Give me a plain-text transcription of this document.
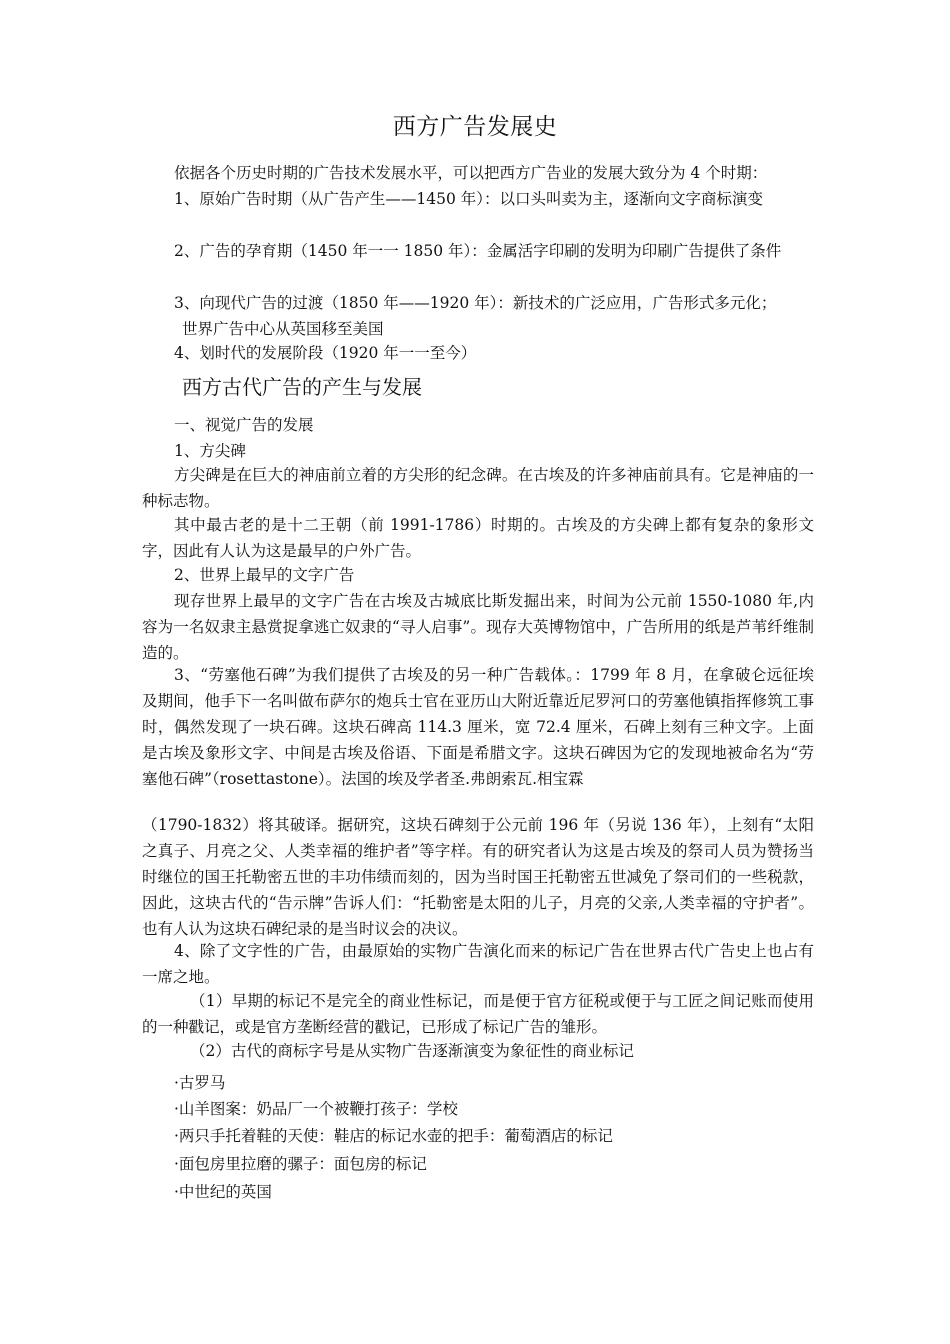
西方广告发展史
依据各个历史时期的广告技术发展水平，可以把西方广告业的发展大致分为 4 个时期：
1、原始广告时期（从广告产生——1450 年）：以口头叫卖为主，逐渐向文字商标演变
2、广告的孕育期（1450 年一一 1850 年）：金属活字印刷的发明为印刷广告提供了条件
3、向现代广告的过渡（1850 年——1920 年）：新技术的广泛应用，广告形式多元化；
世界广告中心从英国移至美国
4、划时代的发展阶段（1920 年一一至今）
西方古代广告的产生与发展
一、视觉广告的发展
1、方尖碑
方尖碑是在巨大的神庙前立着的方尖形的纪念碑。在古埃及的许多神庙前具有。它是神庙的一种标志物。
其中最古老的是十二王朝（前 1991-1786）时期的。古埃及的方尖碑上都有复杂的象形文字，因此有人认为这是最早的户外广告。
2、世界上最早的文字广告
现存世界上最早的文字广告在古埃及古城底比斯发掘出来，时间为公元前 1550-1080 年,内容为一名奴隶主悬赏捉拿逃亡奴隶的“寻人启事”。现存大英博物馆中，广告所用的纸是芦苇纤维制造的。
3、“劳塞他石碑”为我们提供了古埃及的另一种广告载体。：1799 年 8 月，在拿破仑远征埃及期间，他手下一名叫做布萨尔的炮兵士官在亚历山大附近靠近尼罗河口的劳塞他镇指挥修筑工事时，偶然发现了一块石碑。这块石碑高 114.3 厘米，宽 72.4 厘米，石碑上刻有三种文字。上面是古埃及象形文字、中间是古埃及俗语、下面是希腊文字。这块石碑因为它的发现地被命名为“劳塞他石碑”（rosettastone）。法国的埃及学者圣.弗朗索瓦.相宝霖
（1790-1832）将其破译。据研究，这块石碑刻于公元前 196 年（另说 136 年），上刻有“太阳之真子、月亮之父、人类幸福的维护者”等字样。有的研究者认为这是古埃及的祭司人员为赞扬当时继位的国王托勒密五世的丰功伟绩而刻的，因为当时国王托勒密五世减免了祭司们的一些税款，因此，这块古代的“告示牌”告诉人们：“托勒密是太阳的儿子，月亮的父亲,人类幸福的守护者”。也有人认为这块石碑纪录的是当时议会的决议。
4、除了文字性的广告，由最原始的实物广告演化而来的标记广告在世界古代广告史上也占有一席之地。
（1）早期的标记不是完全的商业性标记，而是便于官方征税或便于与工匠之间记账而使用的一种戳记，或是官方垄断经营的戳记，已形成了标记广告的雏形。
（2）古代的商标字号是从实物广告逐渐演变为象征性的商业标记
·古罗马
·山羊图案：奶品厂一个被鞭打孩子：学校
·两只手托着鞋的天使：鞋店的标记水壶的把手：葡萄酒店的标记
·面包房里拉磨的骡子：面包房的标记
·中世纪的英国
